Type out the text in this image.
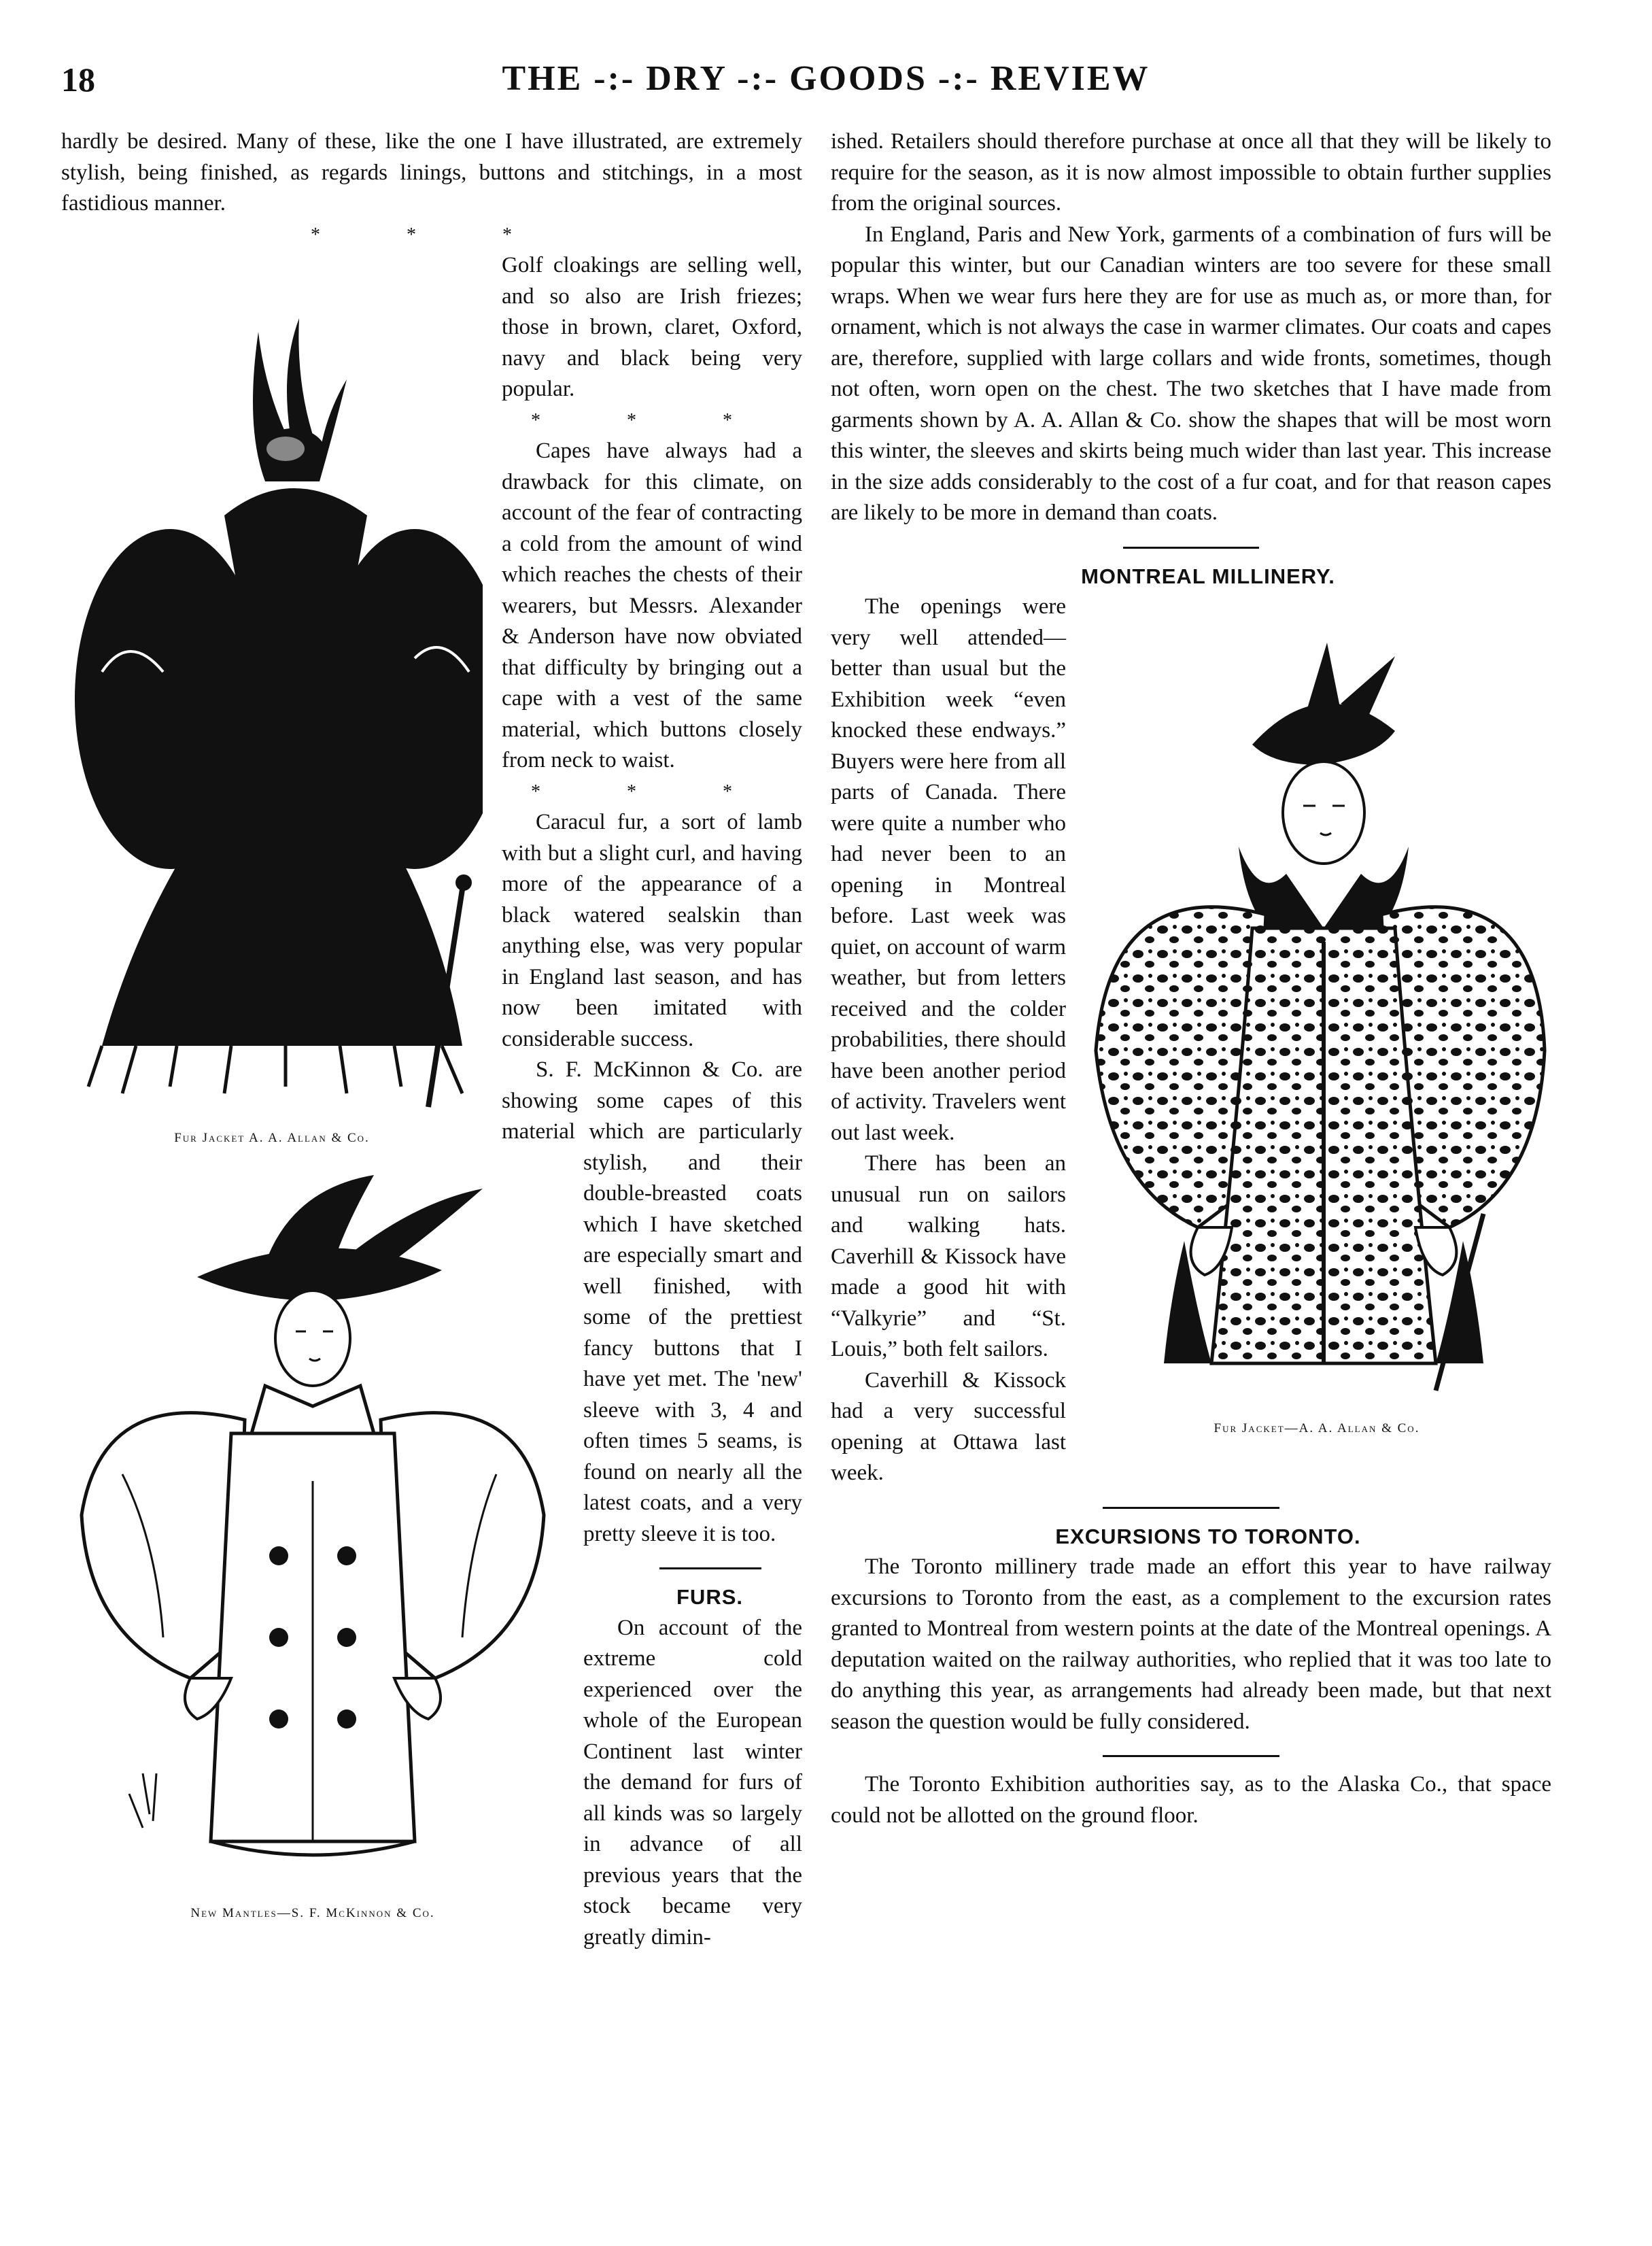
18	THE -:- DRY -:- GOODS -:- REVIEW

hardly be desired. Many of these, like the one I have illustrated, are extremely stylish, being finished, as regards linings, buttons and stitchings, in a most fastidious manner.

* * *

Fur Jacket A. A. Allan & Co.

Golf cloakings are selling well, and so also are Irish friezes; those in brown, claret, Oxford, navy and black being very popular.

* * *

Capes have always had a drawback for this climate, on account of the fear of contracting a cold from the amount of wind which reaches the chests of their wearers, but Messrs. Alexander & Anderson have now obviated that difficulty by bringing out a cape with a vest of the same material, which buttons closely from neck to waist.

* * *

Caracul fur, a sort of lamb with but a slight curl, and having more of the appearance of a black watered sealskin than anything else, was very popular in England last season, and has now been imitated with considerable success.

New Mantles—S. F. McKinnon & Co.

S. F. McKinnon & Co. are showing some capes of this material which are particularly stylish, and their double-breasted coats which I have sketched are especially smart and well finished, with some of the prettiest fancy buttons that I have yet met. The 'new' sleeve with 3, 4 and often times 5 seams, is found on nearly all the latest coats, and a very pretty sleeve it is too.

FURS.

On account of the extreme cold experienced over the whole of the European Continent last winter the demand for furs of all kinds was so largely in advance of all previous years that the stock became very greatly dimin-

ished. Retailers should therefore purchase at once all that they will be likely to require for the season, as it is now almost impossible to obtain further supplies from the original sources.

In England, Paris and New York, garments of a combination of furs will be popular this winter, but our Canadian winters are too severe for these small wraps. When we wear furs here they are for use as much as, or more than, for ornament, which is not always the case in warmer climates. Our coats and capes are, therefore, supplied with large collars and wide fronts, sometimes, though not often, worn open on the chest. The two sketches that I have made from garments shown by A. A. Allan & Co. show the shapes that will be most worn this winter, the sleeves and skirts being much wider than last year. This increase in the size adds considerably to the cost of a fur coat, and for that reason capes are likely to be more in demand than coats.

MONTREAL MILLINERY.

Fur Jacket—A. A. Allan & Co.

The openings were very well attended—better than usual but the Exhibition week “even knocked these endways.” Buyers were here from all parts of Canada. There were quite a number who had never been to an opening in Montreal before. Last week was quiet, on account of warm weather, but from letters received and the colder probabilities, there should have been another period of activity. Travelers went out last week.

There has been an unusual run on sailors and walking hats. Caverhill & Kissock have made a good hit with “Valkyrie” and “St. Louis,” both felt sailors.

Caverhill & Kissock had a very successful opening at Ottawa last week.

EXCURSIONS TO TORONTO.

The Toronto millinery trade made an effort this year to have railway excursions to Toronto from the east, as a complement to the excursion rates granted to Montreal from western points at the date of the Montreal openings. A deputation waited on the railway authorities, who replied that it was too late to do anything this year, as arrangements had already been made, but that next season the question would be fully considered.

The Toronto Exhibition authorities say, as to the Alaska Co., that space could not be allotted on the ground floor.
